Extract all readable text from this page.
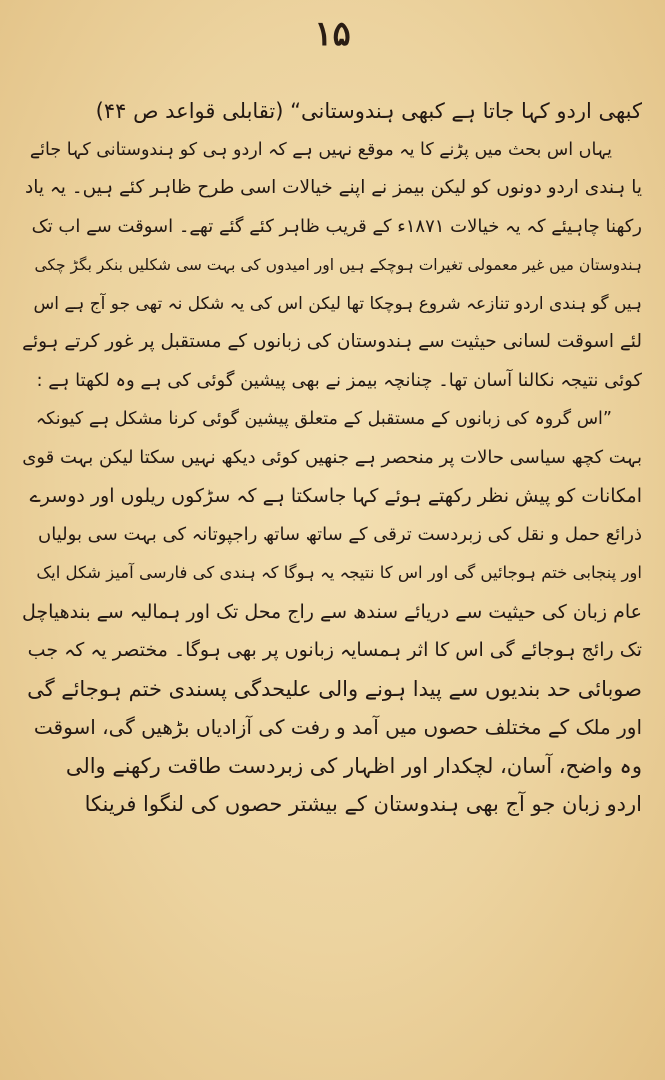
۱۵
کبھی اردو کہا جاتا ہے کبھی ہندوستانی“ (تقابلی قواعد ص ۴۴)
یہاں اس بحث میں پڑنے کا یہ موقع نہیں ہے کہ اردو ہی کو ہندوستانی کہا جائے
یا ہندی اردو دونوں کو لیکن بیمز نے اپنے خیالات اسی طرح ظاہر کئے ہیں۔ یہ یاد
رکھنا چاہیئے کہ یہ خیالات ۱۸۷۱ء کے قریب ظاہر کئے گئے تھے۔ اسوقت سے اب تک
ہندوستان میں غیر معمولی تغیرات ہوچکے ہیں اور امیدوں کی بہت سی شکلیں بنکر بگڑ چکی
ہیں گو ہندی اردو تنازعہ شروع ہوچکا تھا لیکن اس کی یہ شکل نہ تھی جو آج ہے اس
لئے اسوقت لسانی حیثیت سے ہندوستان کی زبانوں کے مستقبل پر غور کرتے ہوئے
کوئی نتیجہ نکالنا آسان تھا۔ چنانچہ بیمز نے بھی پیشین گوئی کی ہے وہ لکھتا ہے :
”اس گروہ کی زبانوں کے مستقبل کے متعلق پیشین گوئی کرنا مشکل ہے کیونکہ
بہت کچھ سیاسی حالات پر منحصر ہے جنھیں کوئی دیکھ نہیں سکتا لیکن بہت قوی
امکانات کو پیش نظر رکھتے ہوئے کہا جاسکتا ہے کہ سڑکوں ریلوں اور دوسرے
ذرائع حمل و نقل کی زبردست ترقی کے ساتھ ساتھ راجپوتانہ کی بہت سی بولیاں
اور پنجابی ختم ہوجائیں گی اور اس کا نتیجہ یہ ہوگا کہ ہندی کی فارسی آمیز شکل ایک
عام زبان کی حیثیت سے دریائے سندھ سے راج محل تک اور ہمالیہ سے بندھیاچل
تک رائج ہوجائے گی اس کا اثر ہمسایہ زبانوں پر بھی ہوگا۔ مختصر یہ کہ جب
صوبائی حد بندیوں سے پیدا ہونے والی علیحدگی پسندی ختم ہوجائے گی
اور ملک کے مختلف حصوں میں آمد و رفت کی آزادیاں بڑھیں گی، اسوقت
وہ واضح، آسان، لچکدار اور اظہار کی زبردست طاقت رکھنے والی
اردو زبان جو آج بھی ہندوستان کے بیشتر حصوں کی لنگوا فرینکا
